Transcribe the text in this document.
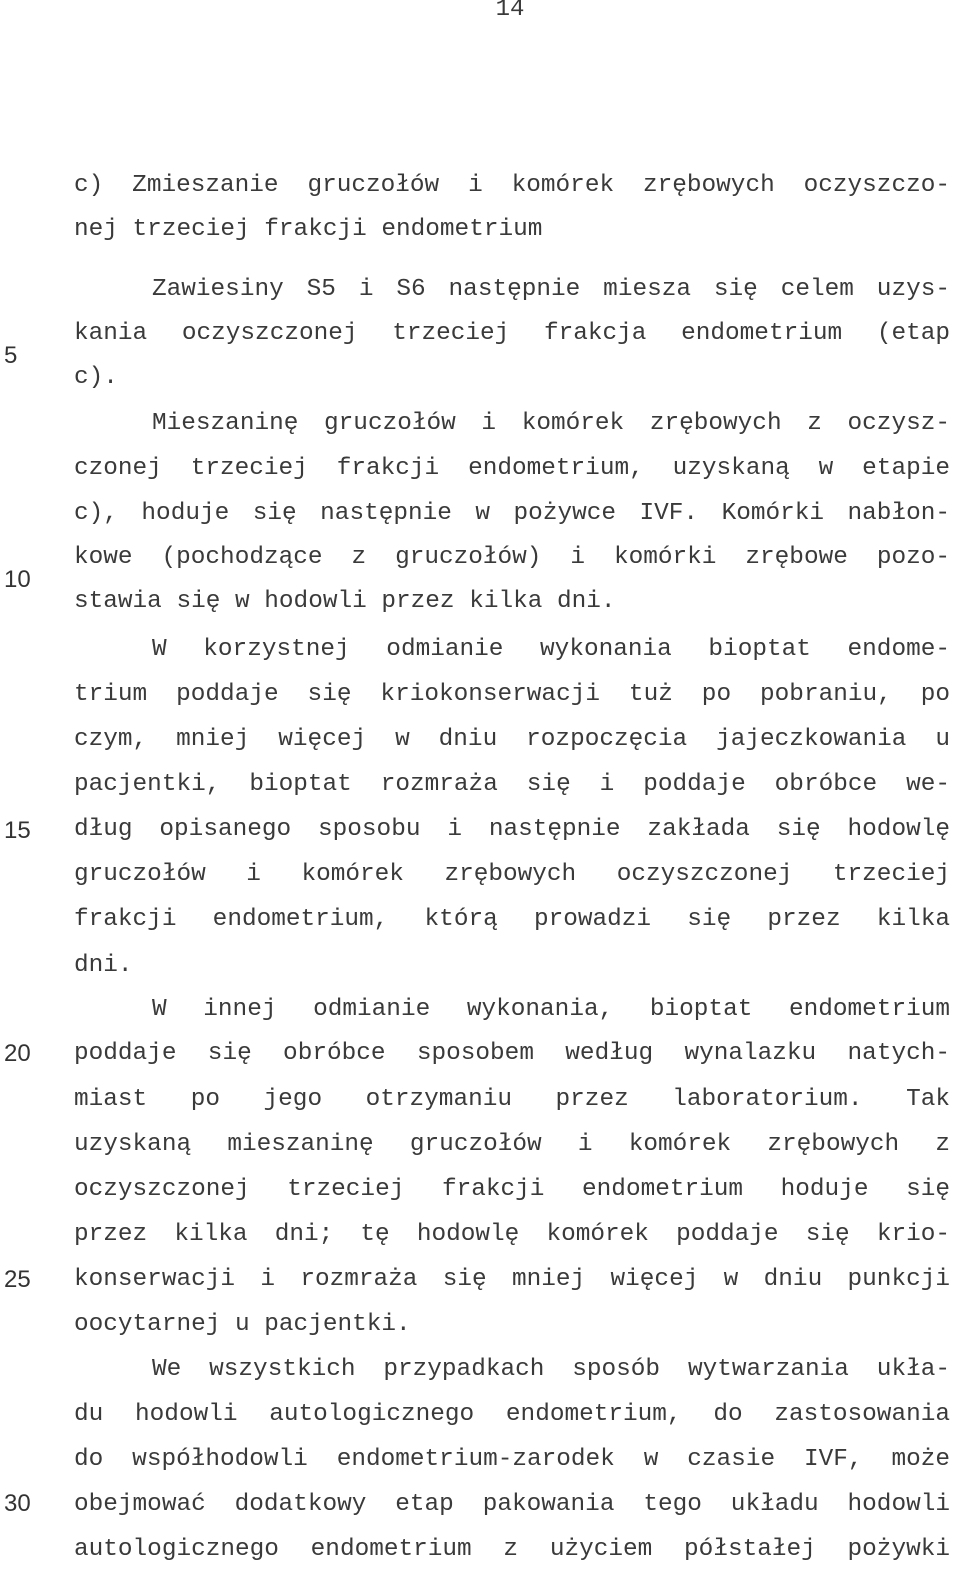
14
5
10
15
20
25
30
c) Zmieszanie gruczołów i komórek zrębowych oczyszczo-
nej trzeciej frakcji endometrium
Zawiesiny S5 i S6 następnie miesza się celem uzys-
kania oczyszczonej trzeciej frakcja endometrium (etap
c).
Mieszaninę gruczołów i komórek zrębowych z oczysz-
czonej trzeciej frakcji endometrium, uzyskaną w etapie
c), hoduje się następnie w pożywce IVF. Komórki nabłon-
kowe (pochodzące z gruczołów) i komórki zrębowe pozo-
stawia się w hodowli przez kilka dni.
W korzystnej odmianie wykonania bioptat endome-
trium poddaje się kriokonserwacji tuż po pobraniu, po
czym, mniej więcej w dniu rozpoczęcia jajeczkowania u
pacjentki, bioptat rozmraża się i poddaje obróbce we-
dług opisanego sposobu i następnie zakłada się hodowlę
gruczołów i komórek zrębowych oczyszczonej trzeciej
frakcji endometrium, którą prowadzi się przez kilka
dni.
W innej odmianie wykonania, bioptat endometrium
poddaje się obróbce sposobem według wynalazku natych-
miast po jego otrzymaniu przez laboratorium. Tak
uzyskaną mieszaninę gruczołów i komórek zrębowych z
oczyszczonej trzeciej frakcji endometrium hoduje się
przez kilka dni; tę hodowlę komórek poddaje się krio-
konserwacji i rozmraża się mniej więcej w dniu punkcji
oocytarnej u pacjentki.
We wszystkich przypadkach sposób wytwarzania ukła-
du hodowli autologicznego endometrium, do zastosowania
do współhodowli endometrium-zarodek w czasie IVF, może
obejmować dodatkowy etap pakowania tego układu hodowli
autologicznego endometrium z użyciem półstałej pożywki
